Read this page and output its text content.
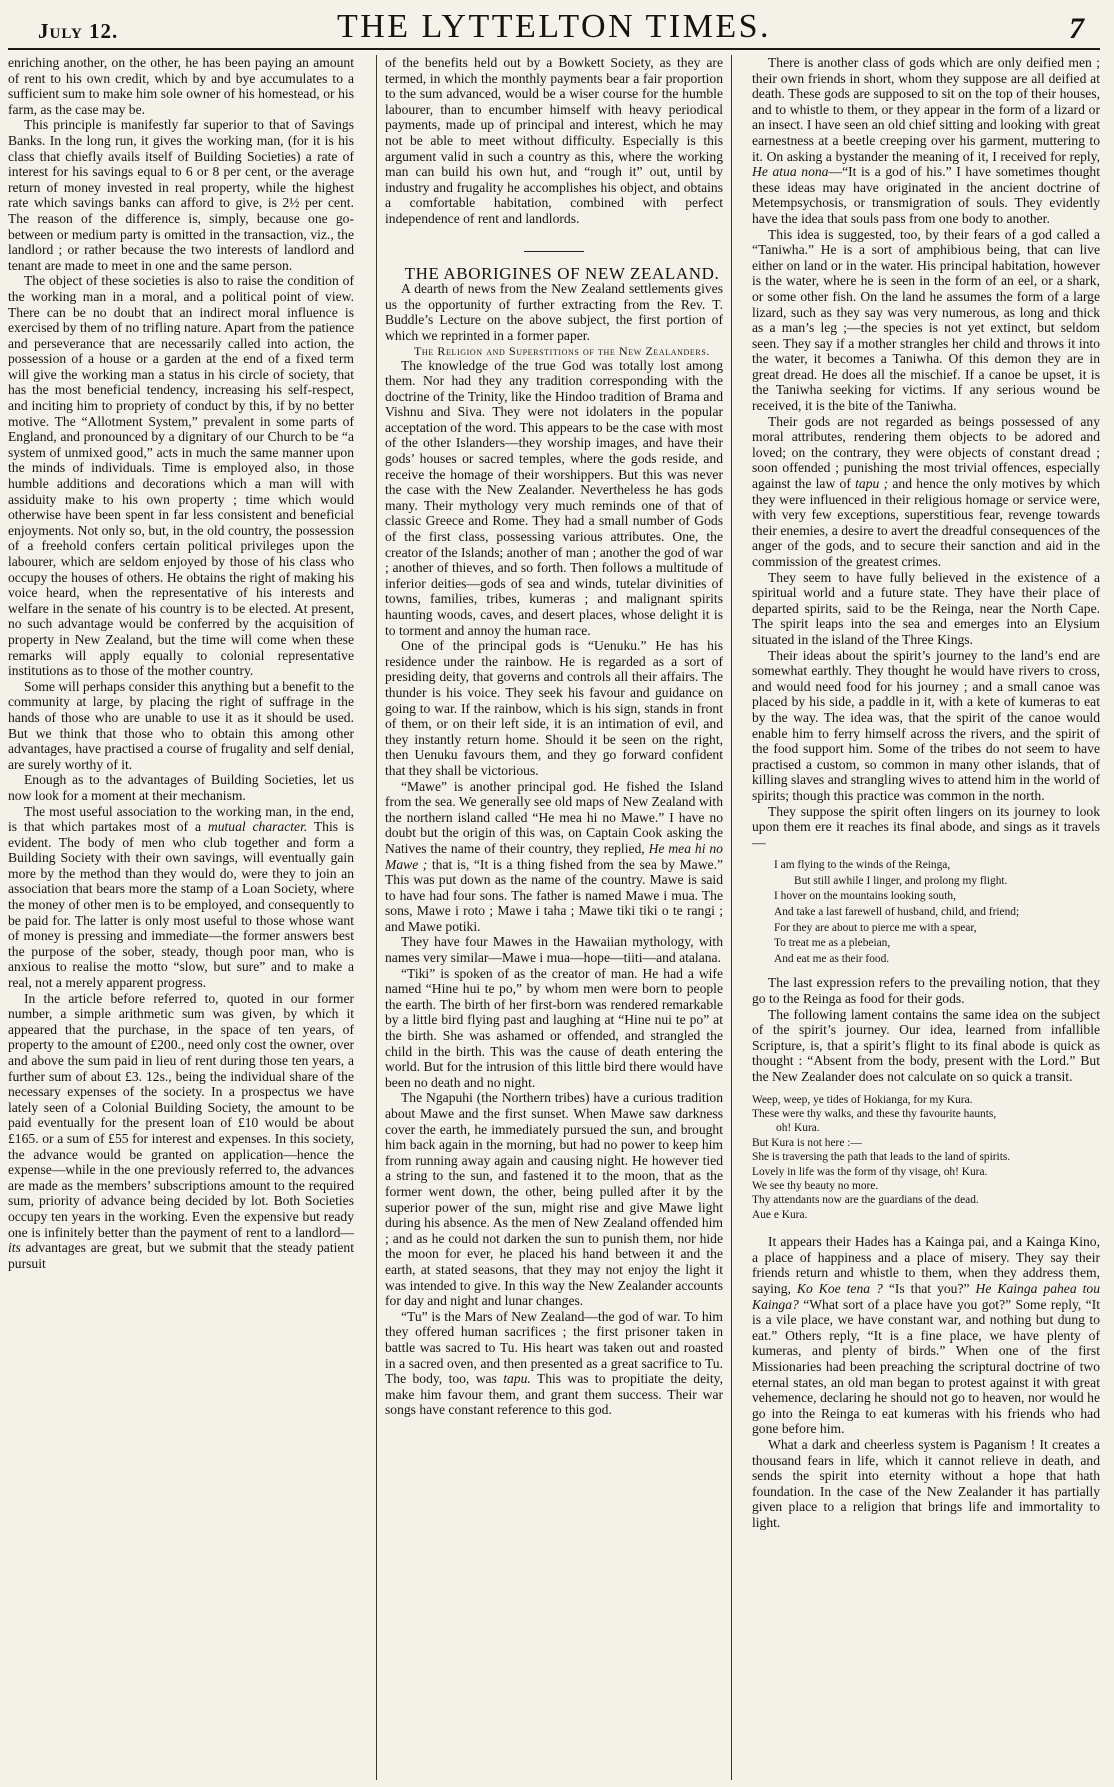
July 12.	THE LYTTELTON TIMES.	7

enriching another, on the other, he has been paying an amount of rent to his own credit, which by and bye accumulates to a sufficient sum to make him sole owner of his homestead, or his farm, as the case may be.

This principle is manifestly far superior to that of Savings Banks. In the long run, it gives the working man, (for it is his class that chiefly avails itself of Building Societies) a rate of interest for his savings equal to 6 or 8 per cent, or the average return of money invested in real property, while the highest rate which savings banks can afford to give, is 2½ per cent. The reason of the difference is, simply, because one go-between or medium party is omitted in the transaction, viz., the landlord ; or rather because the two interests of landlord and tenant are made to meet in one and the same person.

The object of these societies is also to raise the condition of the working man in a moral, and a political point of view. There can be no doubt that an indirect moral influence is exercised by them of no trifling nature. Apart from the patience and perseverance that are necessarily called into action, the possession of a house or a garden at the end of a fixed term will give the working man a status in his circle of society, that has the most beneficial tendency, increasing his self-respect, and inciting him to propriety of conduct by this, if by no better motive. The “Allotment System,” prevalent in some parts of England, and pronounced by a dignitary of our Church to be “a system of unmixed good,” acts in much the same manner upon the minds of individuals. Time is employed also, in those humble additions and decorations which a man will with assiduity make to his own property ; time which would otherwise have been spent in far less consistent and beneficial enjoyments. Not only so, but, in the old country, the possession of a freehold confers certain political privileges upon the labourer, which are seldom enjoyed by those of his class who occupy the houses of others. He obtains the right of making his voice heard, when the representative of his interests and welfare in the senate of his country is to be elected. At present, no such advantage would be conferred by the acquisition of property in New Zealand, but the time will come when these remarks will apply equally to colonial representative institutions as to those of the mother country.

Some will perhaps consider this anything but a benefit to the community at large, by placing the right of suffrage in the hands of those who are unable to use it as it should be used. But we think that those who to obtain this among other advantages, have practised a course of frugality and self denial, are surely worthy of it.

Enough as to the advantages of Building Societies, let us now look for a moment at their mechanism.

The most useful association to the working man, in the end, is that which partakes most of a mutual character. This is evident. The body of men who club together and form a Building Society with their own savings, will eventually gain more by the method than they would do, were they to join an association that bears more the stamp of a Loan Society, where the money of other men is to be employed, and consequently to be paid for. The latter is only most useful to those whose want of money is pressing and immediate—the former answers best the purpose of the sober, steady, though poor man, who is anxious to realise the motto “slow, but sure” and to make a real, not a merely apparent progress.

In the article before referred to, quoted in our former number, a simple arithmetic sum was given, by which it appeared that the purchase, in the space of ten years, of property to the amount of £200., need only cost the owner, over and above the sum paid in lieu of rent during those ten years, a further sum of about £3. 12s., being the individual share of the necessary expenses of the society. In a prospectus we have lately seen of a Colonial Building Society, the amount to be paid eventually for the present loan of £10 would be about £165. or a sum of £55 for interest and expenses. In this society, the advance would be granted on application—hence the expense—while in the one previously referred to, the advances are made as the members’ subscriptions amount to the required sum, priority of advance being decided by lot. Both Societies occupy ten years in the working. Even the expensive but ready one is infinitely better than the payment of rent to a landlord—its advantages are great, but we submit that the steady patient pursuit

of the benefits held out by a Bowkett Society, as they are termed, in which the monthly payments bear a fair proportion to the sum advanced, would be a wiser course for the humble labourer, than to encumber himself with heavy periodical payments, made up of principal and interest, which he may not be able to meet without difficulty. Especially is this argument valid in such a country as this, where the working man can build his own hut, and “rough it” out, until by industry and frugality he accomplishes his object, and obtains a comfortable habitation, combined with perfect independence of rent and landlords.

THE ABORIGINES OF NEW ZEALAND.

A dearth of news from the New Zealand settlements gives us the opportunity of further extracting from the Rev. T. Buddle’s Lecture on the above subject, the first portion of which we reprinted in a former paper.

The Religion and Superstitions of the New Zealanders.

The knowledge of the true God was totally lost among them. Nor had they any tradition corresponding with the doctrine of the Trinity, like the Hindoo tradition of Brama and Vishnu and Siva. They were not idolaters in the popular acceptation of the word. This appears to be the case with most of the other Islanders—they worship images, and have their gods’ houses or sacred temples, where the gods reside, and receive the homage of their worshippers. But this was never the case with the New Zealander. Nevertheless he has gods many. Their mythology very much reminds one of that of classic Greece and Rome. They had a small number of Gods of the first class, possessing various attributes. One, the creator of the Islands; another of man ; another the god of war ; another of thieves, and so forth. Then follows a multitude of inferior deities—gods of sea and winds, tutelar divinities of towns, families, tribes, kumeras ; and malignant spirits haunting woods, caves, and desert places, whose delight it is to torment and annoy the human race.

One of the principal gods is “Uenuku.” He has his residence under the rainbow. He is regarded as a sort of presiding deity, that governs and controls all their affairs. The thunder is his voice. They seek his favour and guidance on going to war. If the rainbow, which is his sign, stands in front of them, or on their left side, it is an intimation of evil, and they instantly return home. Should it be seen on the right, then Uenuku favours them, and they go forward confident that they shall be victorious.

“Mawe” is another principal god. He fished the Island from the sea. We generally see old maps of New Zealand with the northern island called “He mea hi no Mawe.” I have no doubt but the origin of this was, on Captain Cook asking the Natives the name of their country, they replied, He mea hi no Mawe ; that is, “It is a thing fished from the sea by Mawe.” This was put down as the name of the country. Mawe is said to have had four sons. The father is named Mawe i mua. The sons, Mawe i roto ; Mawe i taha ; Mawe tiki tiki o te rangi ; and Mawe potiki.

They have four Mawes in the Hawaiian mythology, with names very similar—Mawe i mua—hope—tiiti—and atalana.

“Tiki” is spoken of as the creator of man. He had a wife named “Hine hui te po,” by whom men were born to people the earth. The birth of her first-born was rendered remarkable by a little bird flying past and laughing at “Hine nui te po” at the birth. She was ashamed or offended, and strangled the child in the birth. This was the cause of death entering the world. But for the intrusion of this little bird there would have been no death and no night.

The Ngapuhi (the Northern tribes) have a curious tradition about Mawe and the first sunset. When Mawe saw darkness cover the earth, he immediately pursued the sun, and brought him back again in the morning, but had no power to keep him from running away again and causing night. He however tied a string to the sun, and fastened it to the moon, that as the former went down, the other, being pulled after it by the superior power of the sun, might rise and give Mawe light during his absence. As the men of New Zealand offended him ; and as he could not darken the sun to punish them, nor hide the moon for ever, he placed his hand between it and the earth, at stated seasons, that they may not enjoy the light it was intended to give. In this way the New Zealander accounts for day and night and lunar changes.

“Tu” is the Mars of New Zealand—the god of war. To him they offered human sacrifices ; the first prisoner taken in battle was sacred to Tu. His heart was taken out and roasted in a sacred oven, and then presented as a great sacrifice to Tu. The body, too, was tapu. This was to propitiate the deity, make him favour them, and grant them success. Their war songs have constant reference to this god.

There is another class of gods which are only deified men ; their own friends in short, whom they suppose are all deified at death. These gods are supposed to sit on the top of their houses, and to whistle to them, or they appear in the form of a lizard or an insect. I have seen an old chief sitting and looking with great earnestness at a beetle creeping over his garment, muttering to it. On asking a bystander the meaning of it, I received for reply, He atua nona—“It is a god of his.” I have sometimes thought these ideas may have originated in the ancient doctrine of Metempsychosis, or transmigration of souls. They evidently have the idea that souls pass from one body to another.

This idea is suggested, too, by their fears of a god called a “Taniwha.” He is a sort of amphibious being, that can live either on land or in the water. His principal habitation, however is the water, where he is seen in the form of an eel, or a shark, or some other fish. On the land he assumes the form of a large lizard, such as they say was very numerous, as long and thick as a man’s leg ;—the species is not yet extinct, but seldom seen. They say if a mother strangles her child and throws it into the water, it becomes a Taniwha. Of this demon they are in great dread. He does all the mischief. If a canoe be upset, it is the Taniwha seeking for victims. If any serious wound be received, it is the bite of the Taniwha.

Their gods are not regarded as beings possessed of any moral attributes, rendering them objects to be adored and loved; on the contrary, they were objects of constant dread ; soon offended ; punishing the most trivial offences, especially against the law of tapu ; and hence the only motives by which they were influenced in their religious homage or service were, with very few exceptions, superstitious fear, revenge towards their enemies, a desire to avert the dreadful consequences of the anger of the gods, and to secure their sanction and aid in the commission of the greatest crimes.

They seem to have fully believed in the existence of a spiritual world and a future state. They have their place of departed spirits, said to be the Reinga, near the North Cape. The spirit leaps into the sea and emerges into an Elysium situated in the island of the Three Kings.

Their ideas about the spirit’s journey to the land’s end are somewhat earthly. They thought he would have rivers to cross, and would need food for his journey ; and a small canoe was placed by his side, a paddle in it, with a kete of kumeras to eat by the way. The idea was, that the spirit of the canoe would enable him to ferry himself across the rivers, and the spirit of the food support him. Some of the tribes do not seem to have practised a custom, so common in many other islands, that of killing slaves and strangling wives to attend him in the world of spirits; though this practice was common in the north.

They suppose the spirit often lingers on its journey to look upon them ere it reaches its final abode, and sings as it travels—

I am flying to the winds of the Reinga,
But still awhile I linger, and prolong my flight.
I hover on the mountains looking south,
And take a last farewell of husband, child, and friend;
For they are about to pierce me with a spear,
To treat me as a plebeian,
And eat me as their food.

The last expression refers to the prevailing notion, that they go to the Reinga as food for their gods.

The following lament contains the same idea on the subject of the spirit’s journey. Our idea, learned from infallible Scripture, is, that a spirit’s flight to its final abode is quick as thought : “Absent from the body, present with the Lord.” But the New Zealander does not calculate on so quick a transit.

Weep, weep, ye tides of Hokianga, for my Kura.
These were thy walks, and these thy favourite haunts,
oh! Kura.
But Kura is not here :—
She is traversing the path that leads to the land of spirits.
Lovely in life was the form of thy visage, oh! Kura.
We see thy beauty no more.
Thy attendants now are the guardians of the dead.
Aue e Kura.

It appears their Hades has a Kainga pai, and a Kainga Kino, a place of happiness and a place of misery. They say their friends return and whistle to them, when they address them, saying, Ko Koe tena ? “Is that you?” He Kainga pahea tou Kainga? “What sort of a place have you got?” Some reply, “It is a vile place, we have constant war, and nothing but dung to eat.” Others reply, “It is a fine place, we have plenty of kumeras, and plenty of birds.” When one of the first Missionaries had been preaching the scriptural doctrine of two eternal states, an old man began to protest against it with great vehemence, declaring he should not go to heaven, nor would he go into the Reinga to eat kumeras with his friends who had gone before him.

What a dark and cheerless system is Paganism ! It creates a thousand fears in life, which it cannot relieve in death, and sends the spirit into eternity without a hope that hath foundation. In the case of the New Zealander it has partially given place to a religion that brings life and immortality to light.
